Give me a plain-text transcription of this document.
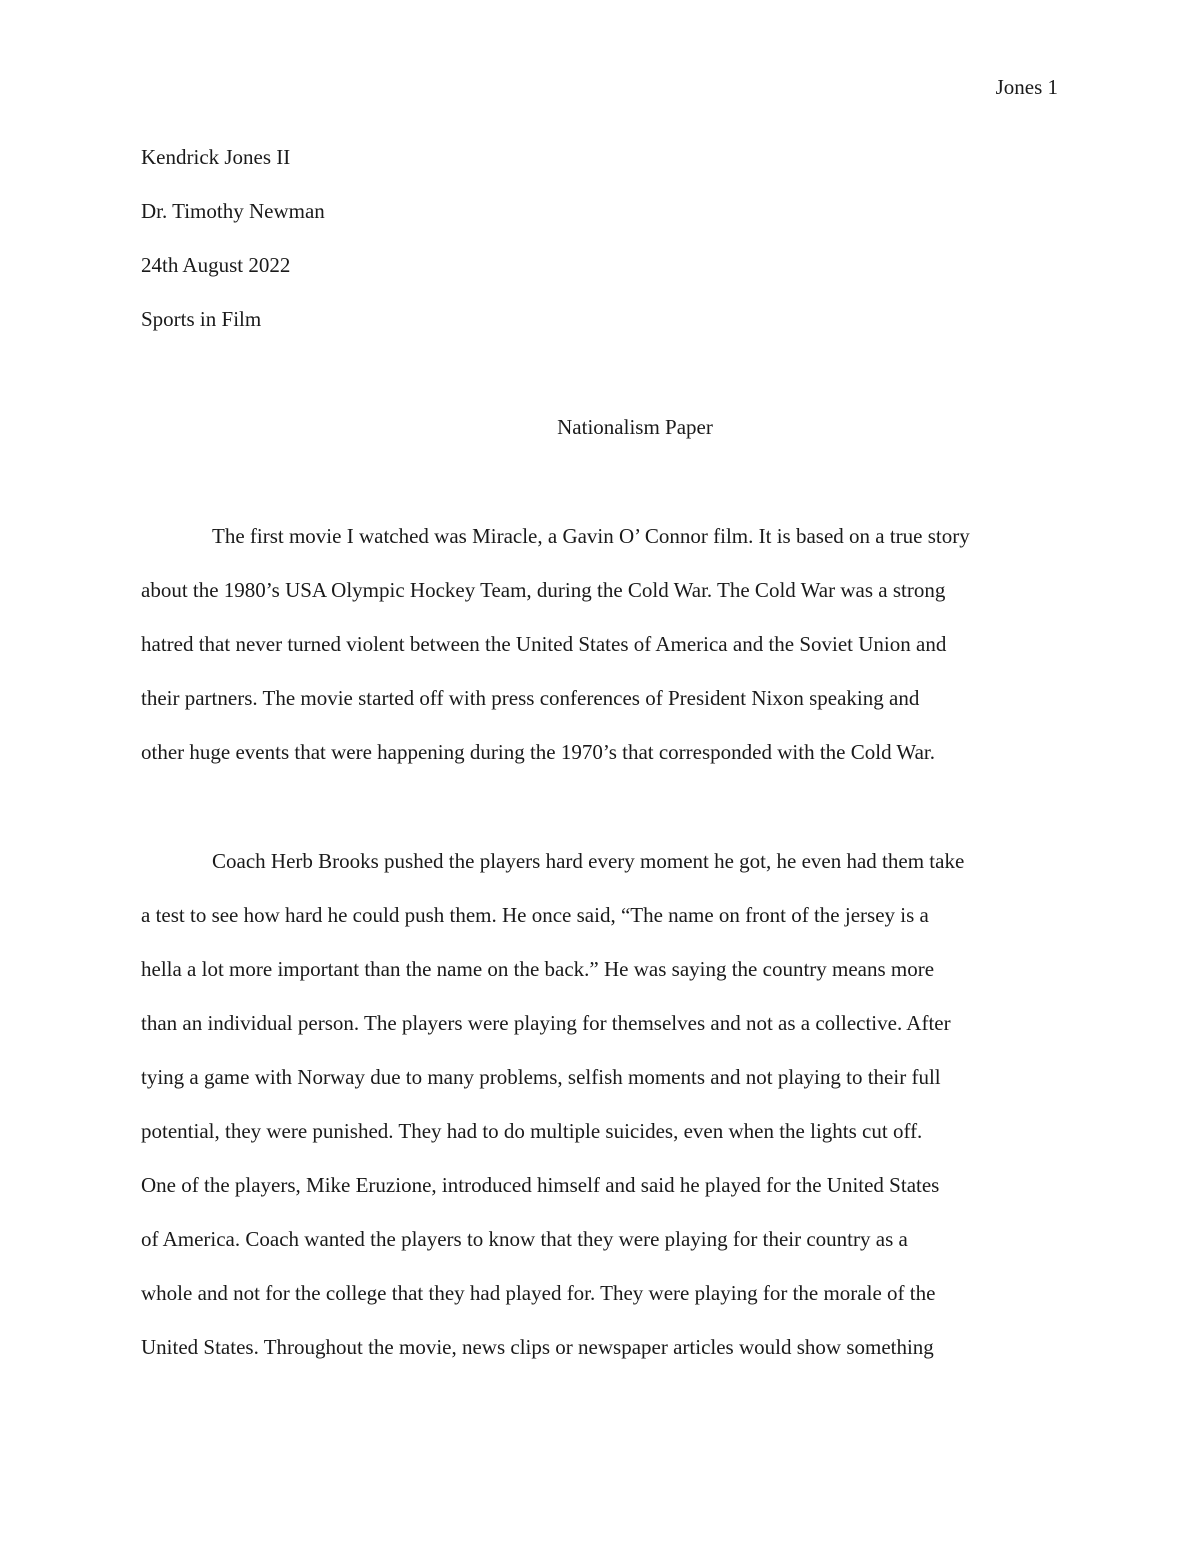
Jones 1
Kendrick Jones II
Dr. Timothy Newman
24th August 2022
Sports in Film
Nationalism Paper
The first movie I watched was Miracle, a Gavin O’ Connor film. It is based on a true story
about the 1980’s USA Olympic Hockey Team, during the Cold War. The Cold War was a strong
hatred that never turned violent between the United States of America and the Soviet Union and
their partners. The movie started off with press conferences of President Nixon speaking and
other huge events that were happening during the 1970’s that corresponded with the Cold War.
Coach Herb Brooks pushed the players hard every moment he got, he even had them take
a test to see how hard he could push them. He once said, “The name on front of the jersey is a
hella a lot more important than the name on the back.” He was saying the country means more
than an individual person. The players were playing for themselves and not as a collective. After
tying a game with Norway due to many problems, selfish moments and not playing to their full
potential, they were punished. They had to do multiple suicides, even when the lights cut off.
One of the players, Mike Eruzione, introduced himself and said he played for the United States
of America. Coach wanted the players to know that they were playing for their country as a
whole and not for the college that they had played for. They were playing for the morale of the
United States. Throughout the movie, news clips or newspaper articles would show something
